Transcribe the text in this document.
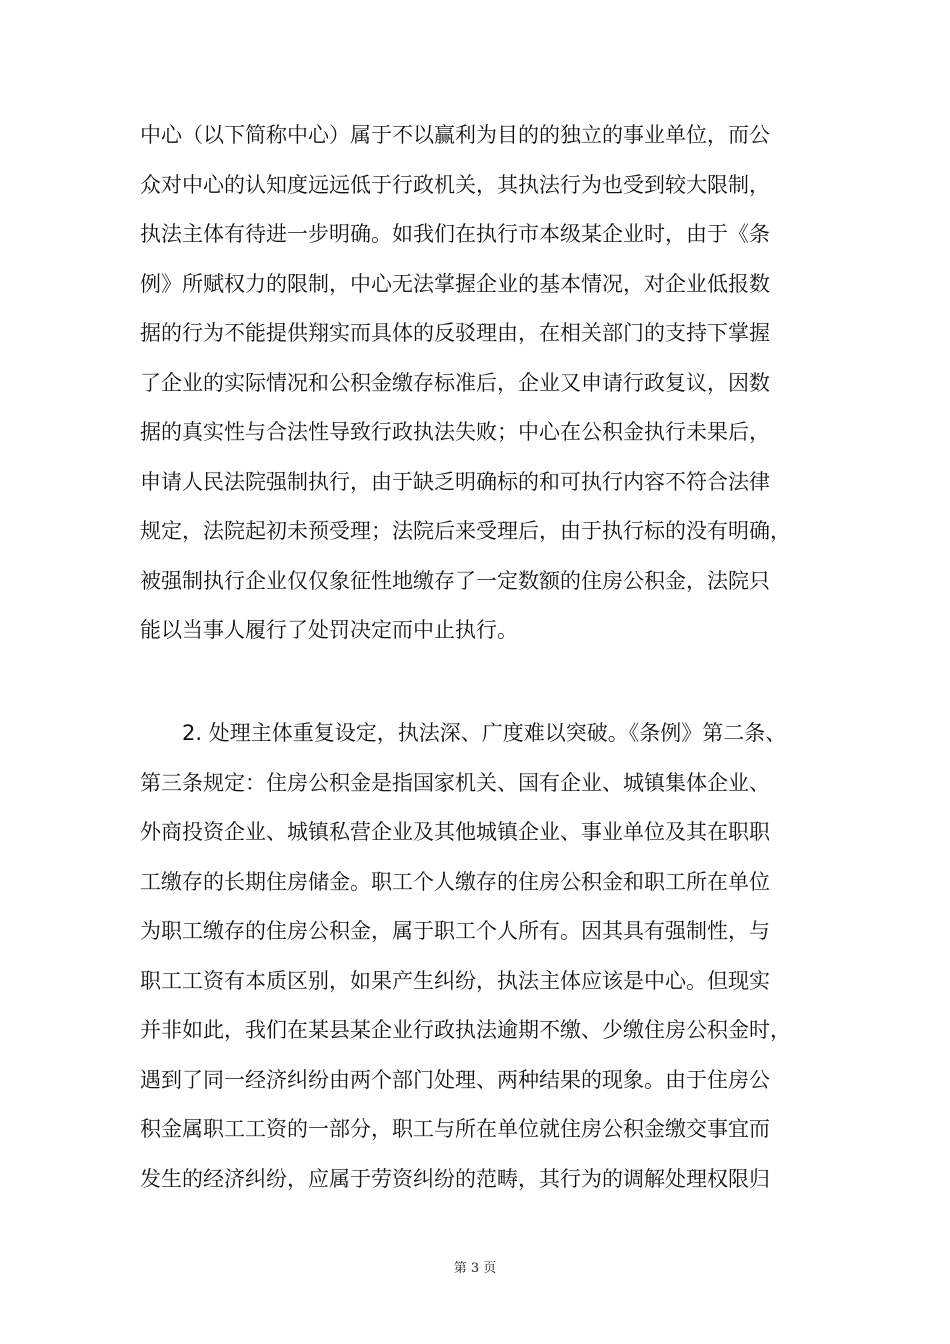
中心（以下简称中心）属于不以赢利为目的的独立的事业单位，而公
众对中心的认知度远远低于行政机关，其执法行为也受到较大限制，
执法主体有待进一步明确。如我们在执行市本级某企业时，由于《条
例》所赋权力的限制，中心无法掌握企业的基本情况，对企业低报数
据的行为不能提供翔实而具体的反驳理由，在相关部门的支持下掌握
了企业的实际情况和公积金缴存标准后，企业又申请行政复议，因数
据的真实性与合法性导致行政执法失败；中心在公积金执行未果后，
申请人民法院强制执行，由于缺乏明确标的和可执行内容不符合法律
规定，法院起初未预受理；法院后来受理后，由于执行标的没有明确，
被强制执行企业仅仅象征性地缴存了一定数额的住房公积金，法院只
能以当事人履行了处罚决定而中止执行。
　　2. 处理主体重复设定，执法深、广度难以突破。《条例》第二条、
第三条规定：住房公积金是指国家机关、国有企业、城镇集体企业、
外商投资企业、城镇私营企业及其他城镇企业、事业单位及其在职职
工缴存的长期住房储金。职工个人缴存的住房公积金和职工所在单位
为职工缴存的住房公积金，属于职工个人所有。因其具有强制性，与
职工工资有本质区别，如果产生纠纷，执法主体应该是中心。但现实
并非如此，我们在某县某企业行政执法逾期不缴、少缴住房公积金时，
遇到了同一经济纠纷由两个部门处理、两种结果的现象。由于住房公
积金属职工工资的一部分，职工与所在单位就住房公积金缴交事宜而
发生的经济纠纷，应属于劳资纠纷的范畴，其行为的调解处理权限归
第 3 页
